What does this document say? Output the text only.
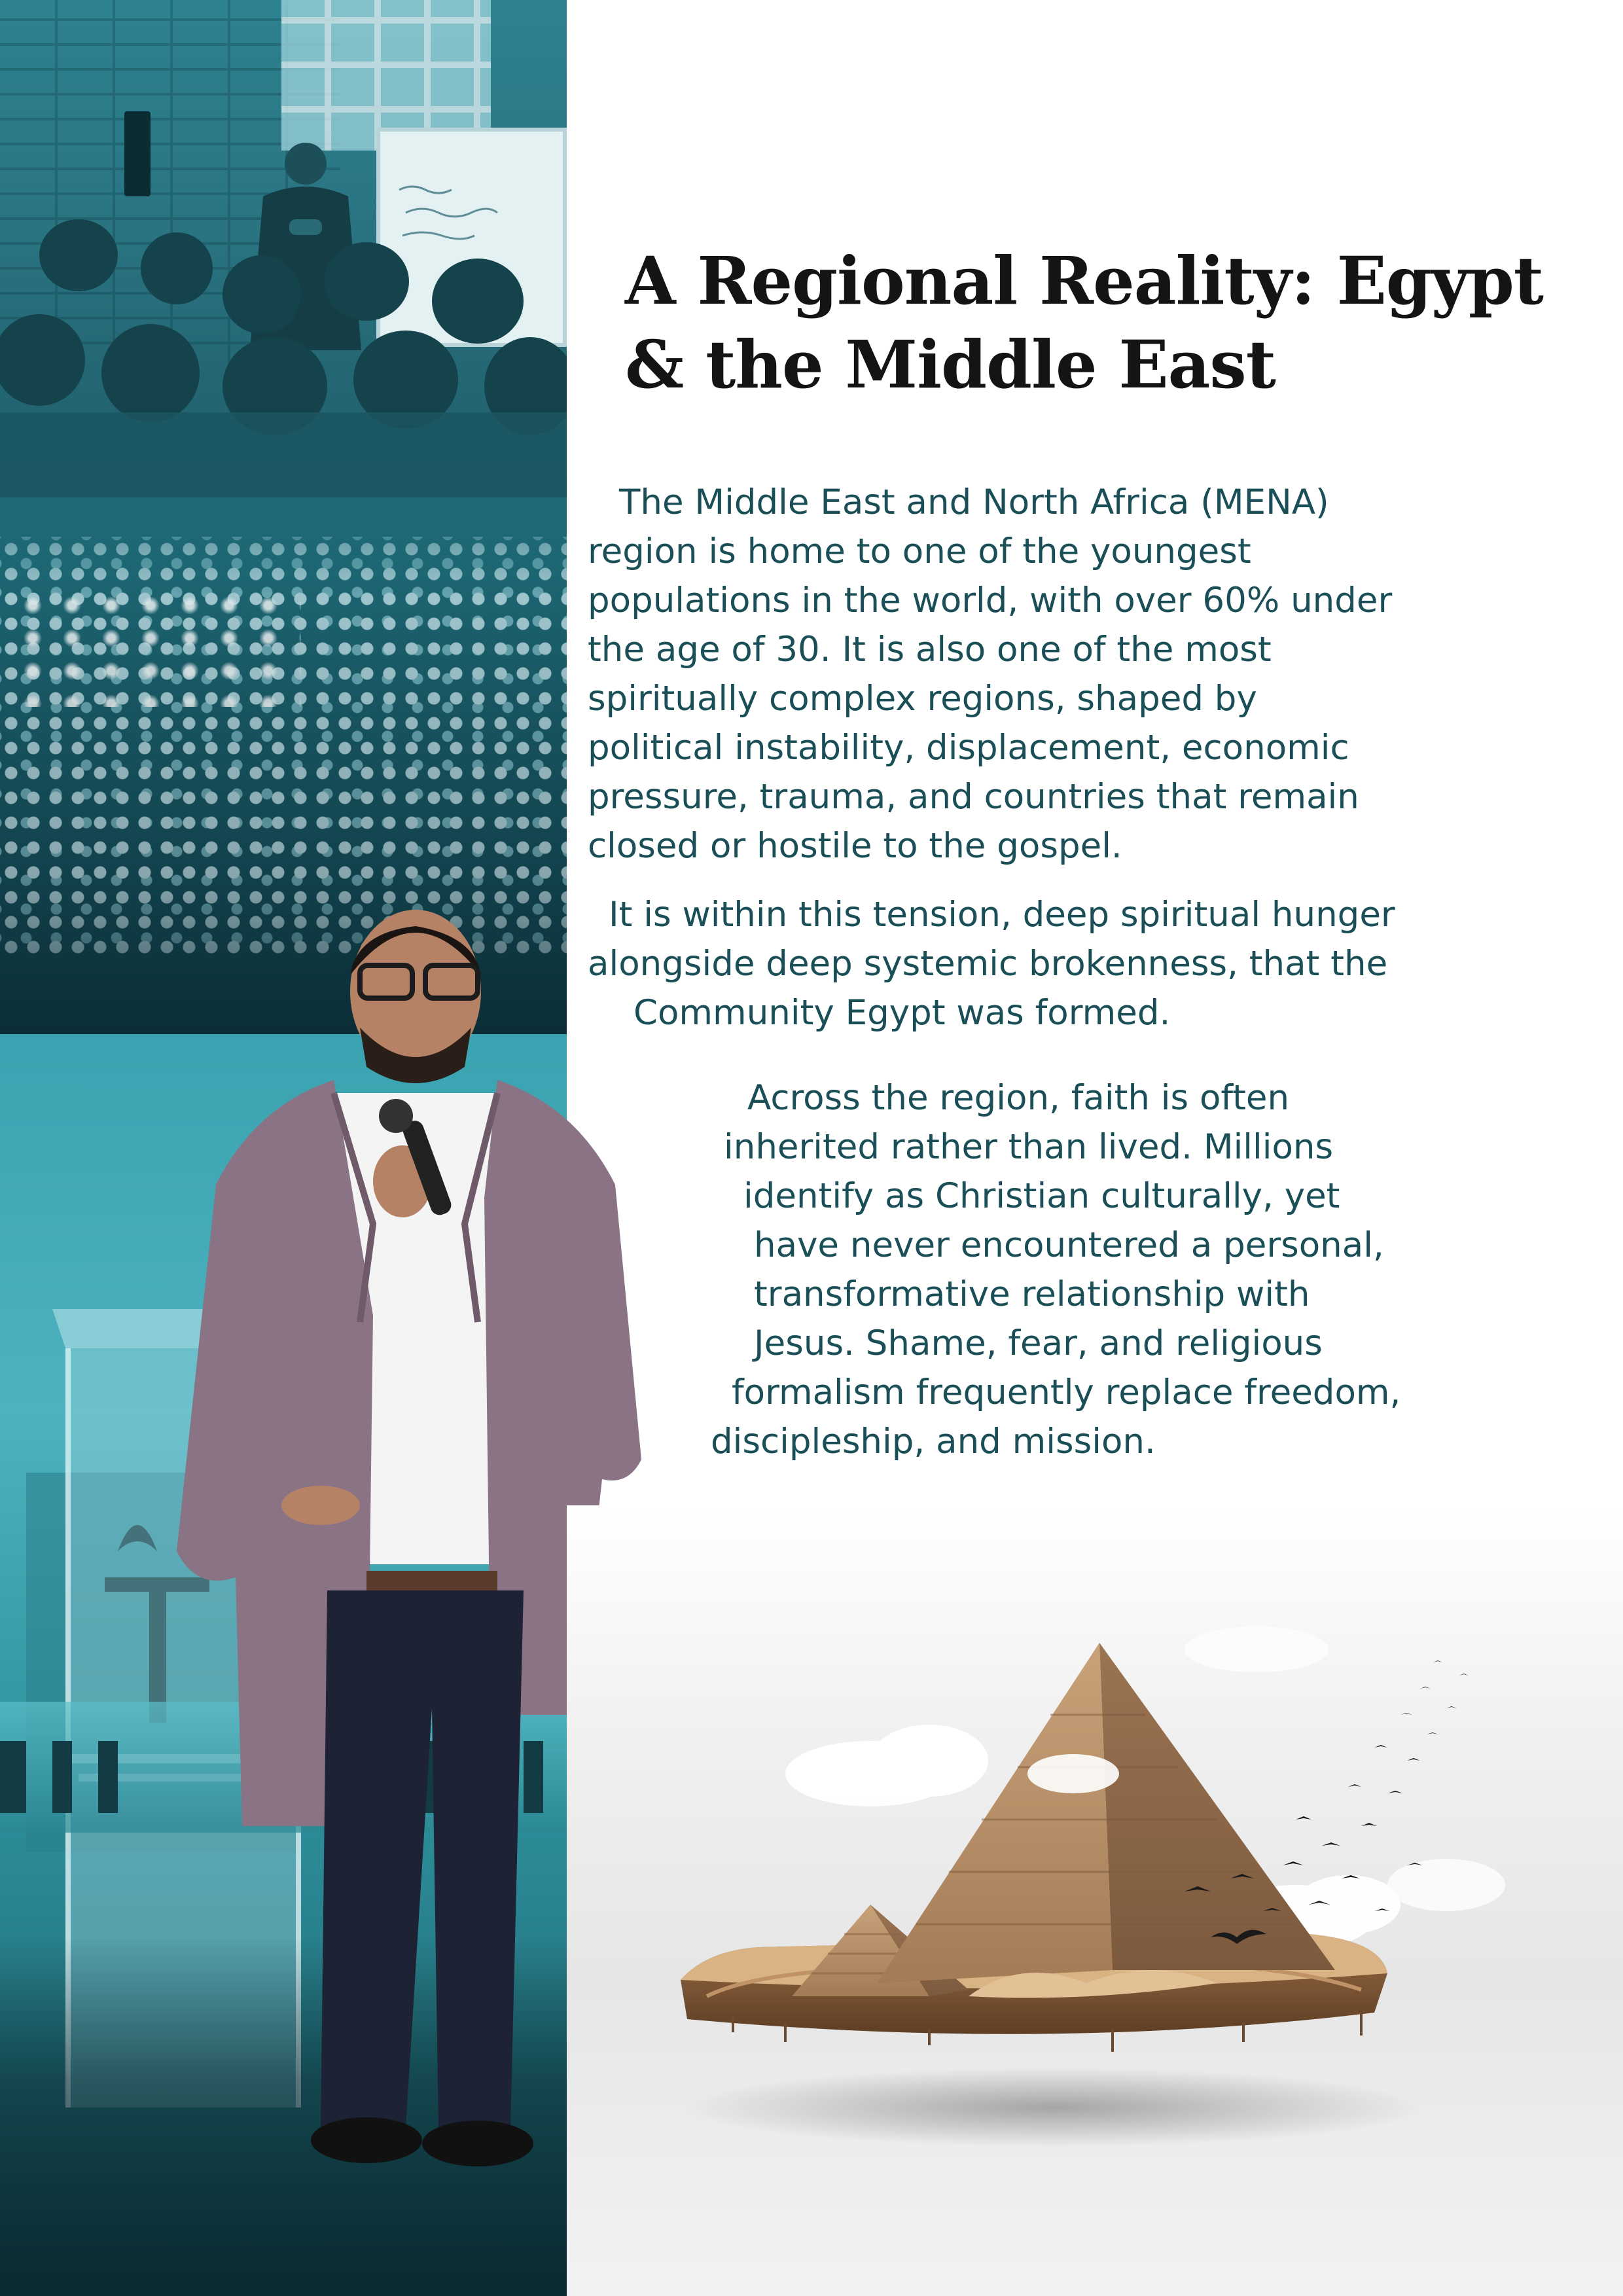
A Regional Reality: Egypt
& the Middle East
The Middle East and North Africa (MENA)
region is home to one of the youngest
populations in the world, with over 60% under
the age of 30. It is also one of the most
spiritually complex regions, shaped by
political instability, displacement, economic
pressure, trauma, and countries that remain
closed or hostile to the gospel.
It is within this tension, deep spiritual hunger
alongside deep systemic brokenness, that the
Community Egypt was formed.
Across the region, faith is often
inherited rather than lived. Millions
identify as Christian culturally, yet
have never encountered a personal,
transformative relationship with
Jesus. Shame, fear, and religious
formalism frequently replace freedom,
discipleship, and mission.
